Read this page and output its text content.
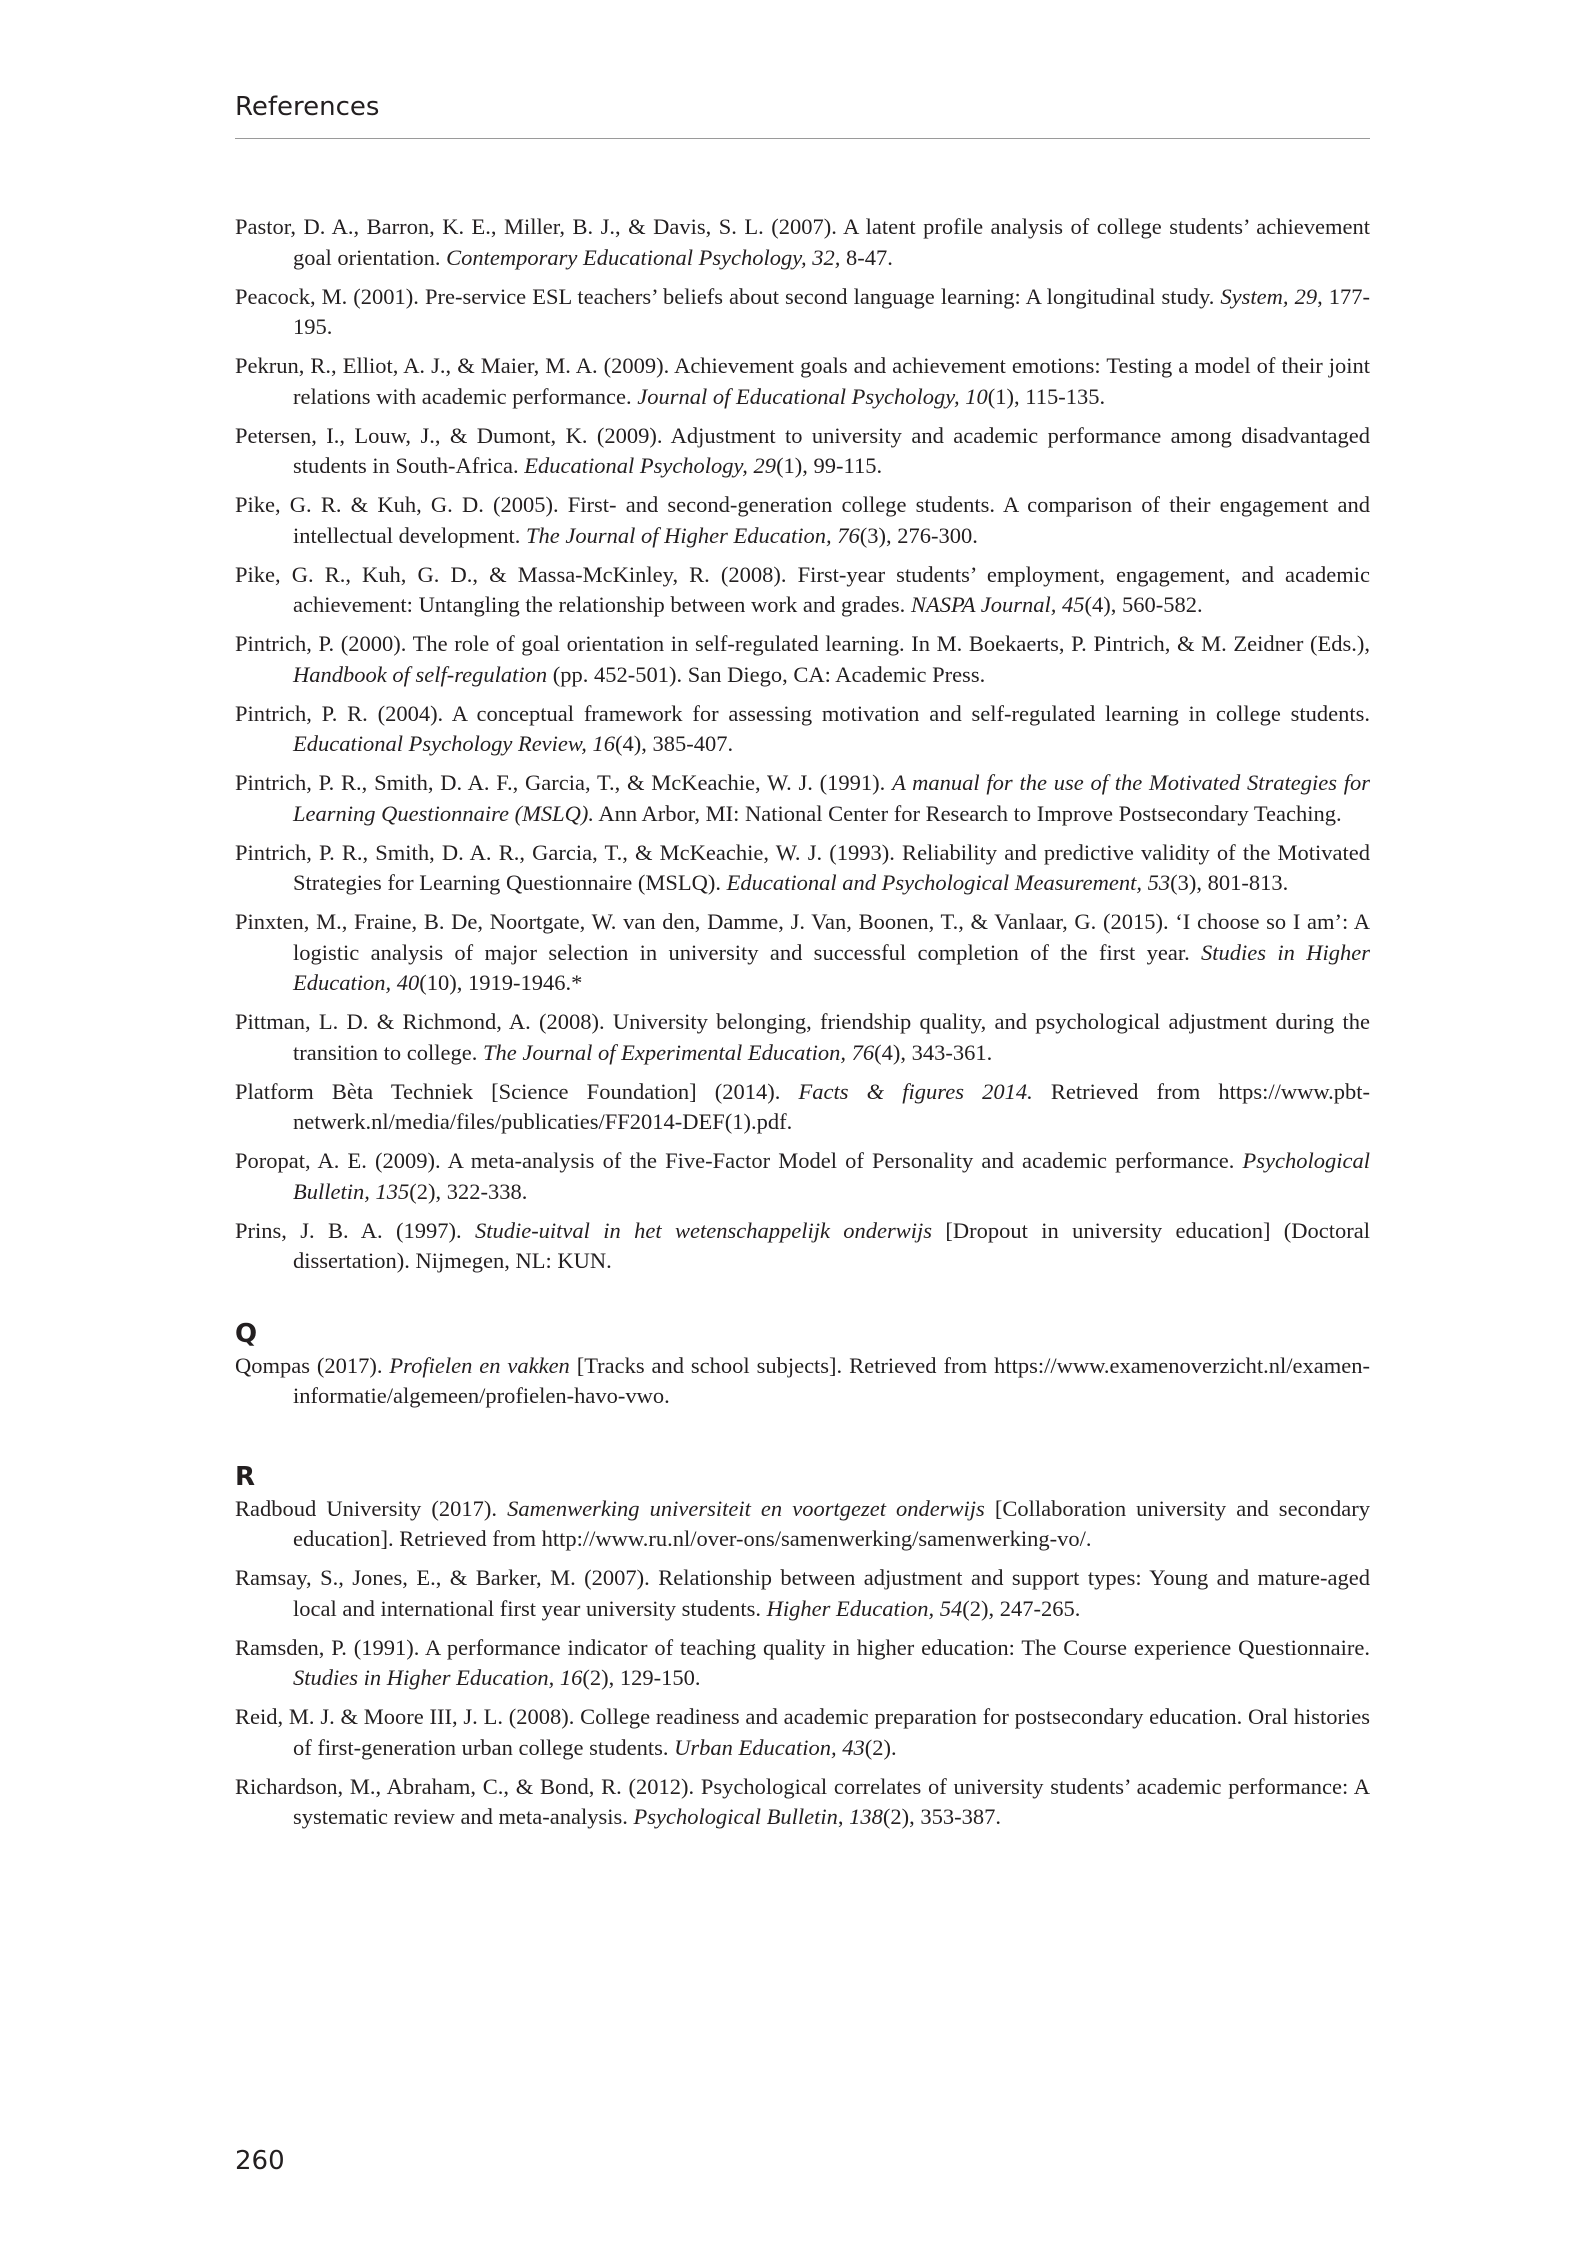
References

Pastor, D. A., Barron, K. E., Miller, B. J., & Davis, S. L. (2007). A latent profile analysis of college students’ achievement goal orientation. Contemporary Educational Psychology, 32, 8-47.

Peacock, M. (2001). Pre-service ESL teachers’ beliefs about second language learning: A longitudinal study. System, 29, 177-195.

Pekrun, R., Elliot, A. J., & Maier, M. A. (2009). Achievement goals and achievement emotions: Testing a model of their joint relations with academic performance. Journal of Educational Psychology, 10(1), 115-135.

Petersen, I., Louw, J., & Dumont, K. (2009). Adjustment to university and academic performance among disadvantaged students in South-Africa. Educational Psychology, 29(1), 99-115.

Pike, G. R. & Kuh, G. D. (2005). First- and second-generation college students. A comparison of their engagement and intellectual development. The Journal of Higher Education, 76(3), 276-300.

Pike, G. R., Kuh, G. D., & Massa-McKinley, R. (2008). First-year students’ employment, engagement, and academic achievement: Untangling the relationship between work and grades. NASPA Journal, 45(4), 560-582.

Pintrich, P. (2000). The role of goal orientation in self-regulated learning. In M. Boekaerts, P. Pintrich, & M. Zeidner (Eds.), Handbook of self-regulation (pp. 452-501). San Diego, CA: Academic Press.

Pintrich, P. R. (2004). A conceptual framework for assessing motivation and self-regulated learning in college students. Educational Psychology Review, 16(4), 385-407.

Pintrich, P. R., Smith, D. A. F., Garcia, T., & McKeachie, W. J. (1991). A manual for the use of the Motivated Strategies for Learning Questionnaire (MSLQ). Ann Arbor, MI: National Center for Research to Improve Postsecondary Teaching.

Pintrich, P. R., Smith, D. A. R., Garcia, T., & McKeachie, W. J. (1993). Reliability and predictive validity of the Motivated Strategies for Learning Questionnaire (MSLQ). Educational and Psychological Measurement, 53(3), 801-813.

Pinxten, M., Fraine, B. De, Noortgate, W. van den, Damme, J. Van, Boonen, T., & Vanlaar, G. (2015). ‘I choose so I am’: A logistic analysis of major selection in university and successful completion of the first year. Studies in Higher Education, 40(10), 1919-1946.*

Pittman, L. D. & Richmond, A. (2008). University belonging, friendship quality, and psychological adjustment during the transition to college. The Journal of Experimental Education, 76(4), 343-361.

Platform Bèta Techniek [Science Foundation] (2014). Facts & figures 2014. Retrieved from https://www.pbt-netwerk.nl/media/files/publicaties/FF2014-DEF(1).pdf.

Poropat, A. E. (2009). A meta-analysis of the Five-Factor Model of Personality and academic performance. Psychological Bulletin, 135(2), 322-338.

Prins, J. B. A. (1997). Studie-uitval in het wetenschappelijk onderwijs [Dropout in university education] (Doctoral dissertation). Nijmegen, NL: KUN.

Q

Qompas (2017). Profielen en vakken [Tracks and school subjects]. Retrieved from https://www.examenoverzicht.nl/examen-informatie/algemeen/profielen-havo-vwo.

R

Radboud University (2017). Samenwerking universiteit en voortgezet onderwijs [Collaboration university and secondary education]. Retrieved from http://www.ru.nl/over-ons/samenwerking/samenwerking-vo/.

Ramsay, S., Jones, E., & Barker, M. (2007). Relationship between adjustment and support types: Young and mature-aged local and international first year university students. Higher Education, 54(2), 247-265.

Ramsden, P. (1991). A performance indicator of teaching quality in higher education: The Course experience Questionnaire. Studies in Higher Education, 16(2), 129-150.

Reid, M. J. & Moore III, J. L. (2008). College readiness and academic preparation for postsecondary education. Oral histories of first-generation urban college students. Urban Education, 43(2).

Richardson, M., Abraham, C., & Bond, R. (2012). Psychological correlates of university students’ academic performance: A systematic review and meta-analysis. Psychological Bulletin, 138(2), 353-387.

260
